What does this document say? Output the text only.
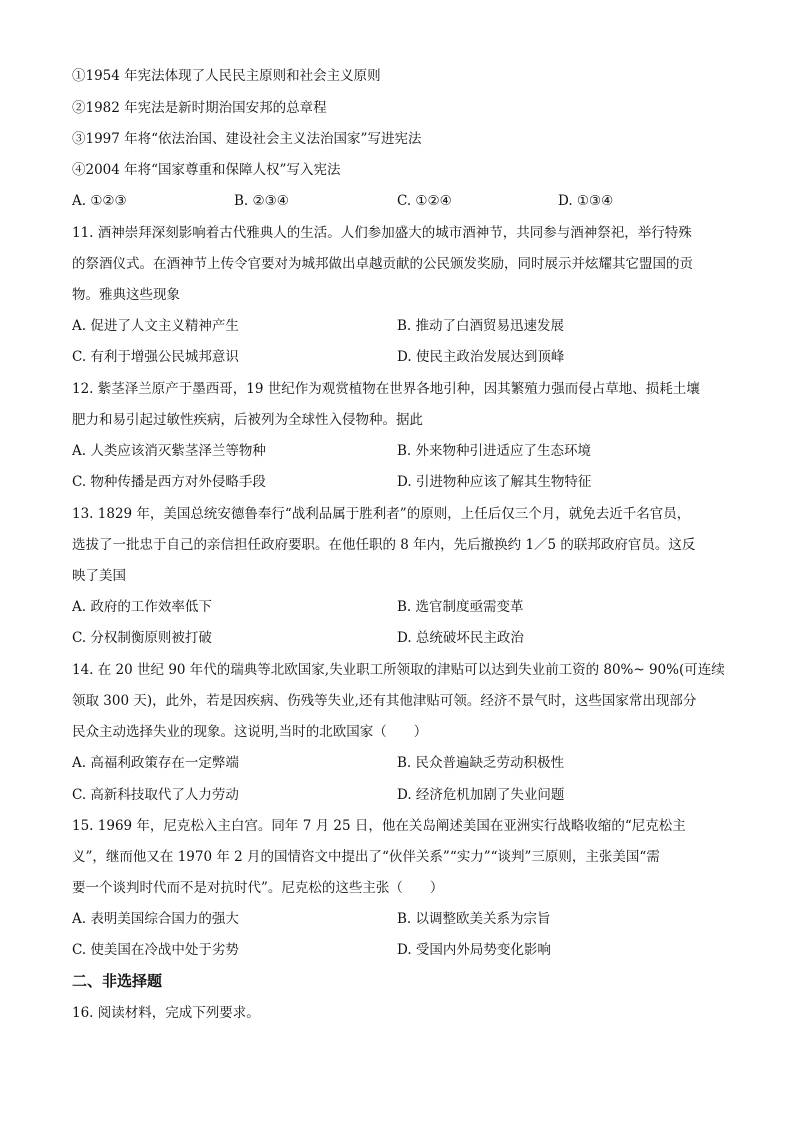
①1954 年宪法体现了人民民主原则和社会主义原则
②1982 年宪法是新时期治国安邦的总章程
③1997 年将“依法治国、建设社会主义法治国家”写进宪法
④2004 年将“国家尊重和保障人权”写入宪法
A. ①②③	B. ②③④	C. ①②④	D. ①③④
11. 酒神崇拜深刻影响着古代雅典人的生活。人们参加盛大的城市酒神节，共同参与酒神祭祀，举行特殊
的祭酒仪式。在酒神节上传令官要对为城邦做出卓越贡献的公民颁发奖励，同时展示并炫耀其它盟国的贡
物。雅典这些现象
A. 促进了人文主义精神产生	B. 推动了白酒贸易迅速发展
C. 有利于增强公民城邦意识	D. 使民主政治发展达到顶峰
12. 紫茎泽兰原产于墨西哥，19 世纪作为观赏植物在世界各地引种，因其繁殖力强而侵占草地、损耗土壤
肥力和易引起过敏性疾病，后被列为全球性入侵物种。据此
A. 人类应该消灭紫茎泽兰等物种	B. 外来物种引进适应了生态环境
C. 物种传播是西方对外侵略手段	D. 引进物种应该了解其生物特征
13. 1829 年，美国总统安德鲁奉行“战利品属于胜利者”的原则，上任后仅三个月，就免去近千名官员，
选拔了一批忠于自己的亲信担任政府要职。在他任职的 8 年内，先后撤换约 1／5 的联邦政府官员。这反
映了美国
A. 政府的工作效率低下	B. 选官制度亟需变革
C. 分权制衡原则被打破	D. 总统破坏民主政治
14. 在 20 世纪 90 年代的瑞典等北欧国家,失业职工所领取的津贴可以达到失业前工资的 80%~ 90%(可连续
领取 300 天)，此外，若是因疾病、伤残等失业,还有其他津贴可领。经济不景气时，这些国家常出现部分
民众主动选择失业的现象。这说明,当时的北欧国家（　　）
A. 高福利政策存在一定弊端	B. 民众普遍缺乏劳动积极性
C. 高新科技取代了人力劳动	D. 经济危机加剧了失业问题
15. 1969 年，尼克松入主白宫。同年 7 月 25 日，他在关岛阐述美国在亚洲实行战略收缩的“尼克松主
义”，继而他又在 1970 年 2 月的国情咨文中提出了“伙伴关系”“实力”“谈判”三原则，主张美国“需
要一个谈判时代而不是对抗时代”。尼克松的这些主张（　　）
A. 表明美国综合国力的强大	B. 以调整欧美关系为宗旨
C. 使美国在冷战中处于劣势	D. 受国内外局势变化影响
二、非选择题
16. 阅读材料，完成下列要求。
